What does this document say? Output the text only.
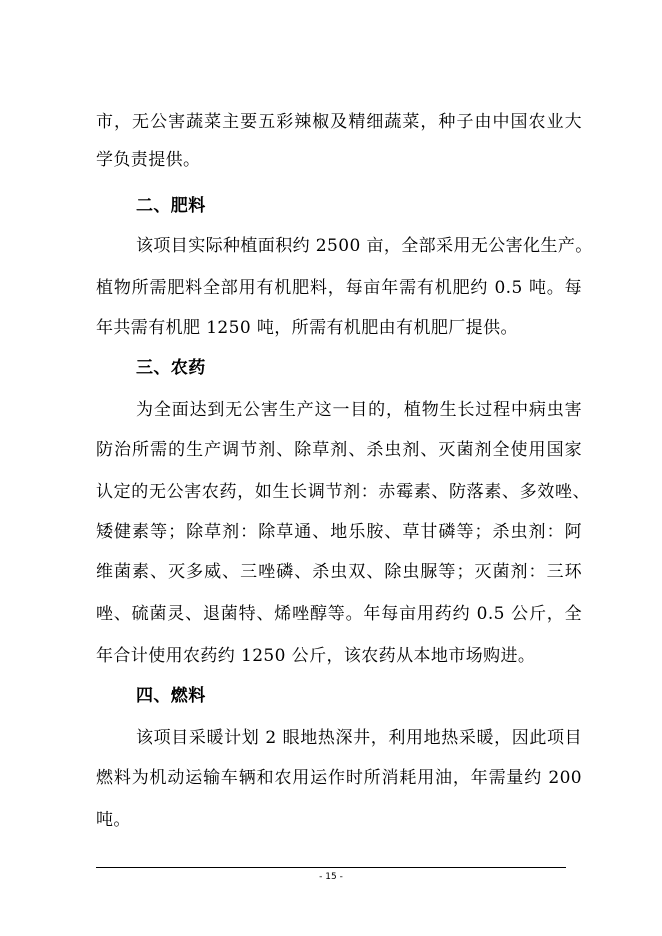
市，无公害蔬菜主要五彩辣椒及精细蔬菜，种子由中国农业大
学负责提供。
二、肥料
该项目实际种植面积约 2500 亩，全部采用无公害化生产。
植物所需肥料全部用有机肥料，每亩年需有机肥约 0.5 吨。每
年共需有机肥 1250 吨，所需有机肥由有机肥厂提供。
三、农药
为全面达到无公害生产这一目的，植物生长过程中病虫害
防治所需的生产调节剂、除草剂、杀虫剂、灭菌剂全使用国家
认定的无公害农药，如生长调节剂：赤霉素、防落素、多效唑、
矮健素等；除草剂：除草通、地乐胺、草甘磷等；杀虫剂：阿
维菌素、灭多威、三唑磷、杀虫双、除虫脲等；灭菌剂：三环
唑、硫菌灵、退菌特、烯唑醇等。年每亩用药约 0.5 公斤，全
年合计使用农药约 1250 公斤，该农药从本地市场购进。
四、燃料
该项目采暖计划 2 眼地热深井，利用地热采暖，因此项目
燃料为机动运输车辆和农用运作时所消耗用油，年需量约 200
吨。
- 15 -
